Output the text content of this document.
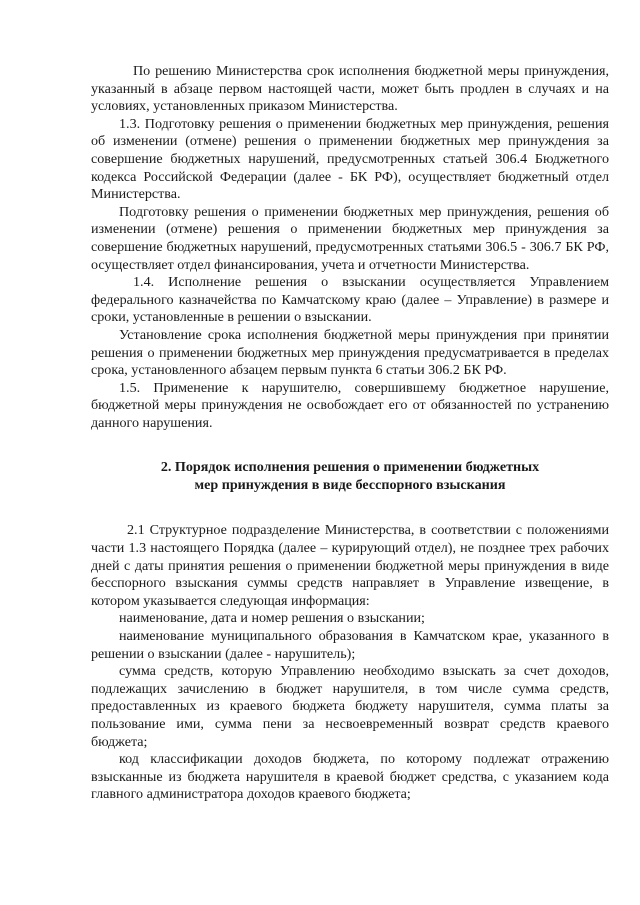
По решению Министерства срок исполнения бюджетной меры принуждения, указанный в абзаце первом настоящей части, может быть продлен в случаях и на условиях, установленных приказом Министерства.

1.3. Подготовку решения о применении бюджетных мер принуждения, решения об изменении (отмене) решения о применении бюджетных мер принуждения за совершение бюджетных нарушений, предусмотренных статьей 306.4 Бюджетного кодекса Российской Федерации (далее - БК РФ), осуществляет бюджетный отдел Министерства.

Подготовку решения о применении бюджетных мер принуждения, решения об изменении (отмене) решения о применении бюджетных мер принуждения за совершение бюджетных нарушений, предусмотренных статьями 306.5 - 306.7 БК РФ, осуществляет отдел финансирования, учета и отчетности Министерства.

1.4. Исполнение решения о взыскании осуществляется Управлением федерального казначейства по Камчатскому краю (далее – Управление) в размере и сроки, установленные в решении о взыскании.

Установление срока исполнения бюджетной меры принуждения при принятии решения о применении бюджетных мер принуждения предусматривается в пределах срока, установленного абзацем первым пункта 6 статьи 306.2 БК РФ.

1.5. Применение к нарушителю, совершившему бюджетное нарушение, бюджетной меры принуждения не освобождает его от обязанностей по устранению данного нарушения.

2. Порядок исполнения решения о применении бюджетных
мер принуждения в виде бесспорного взыскания

2.1 Структурное подразделение Министерства, в соответствии с положениями части 1.3 настоящего Порядка (далее – курирующий отдел), не позднее трех рабочих дней с даты принятия решения о применении бюджетной меры принуждения в виде бесспорного взыскания суммы средств направляет в Управление извещение, в котором указывается следующая информация:

наименование, дата и номер решения о взыскании;

наименование муниципального образования в Камчатском крае, указанного в решении о взыскании (далее - нарушитель);

сумма средств, которую Управлению необходимо взыскать за счет доходов, подлежащих зачислению в бюджет нарушителя, в том числе сумма средств, предоставленных из краевого бюджета бюджету нарушителя, сумма платы за пользование ими, сумма пени за несвоевременный возврат средств краевого бюджета;

код классификации доходов бюджета, по которому подлежат отражению взысканные из бюджета нарушителя в краевой бюджет средства, с указанием кода главного администратора доходов краевого бюджета;
